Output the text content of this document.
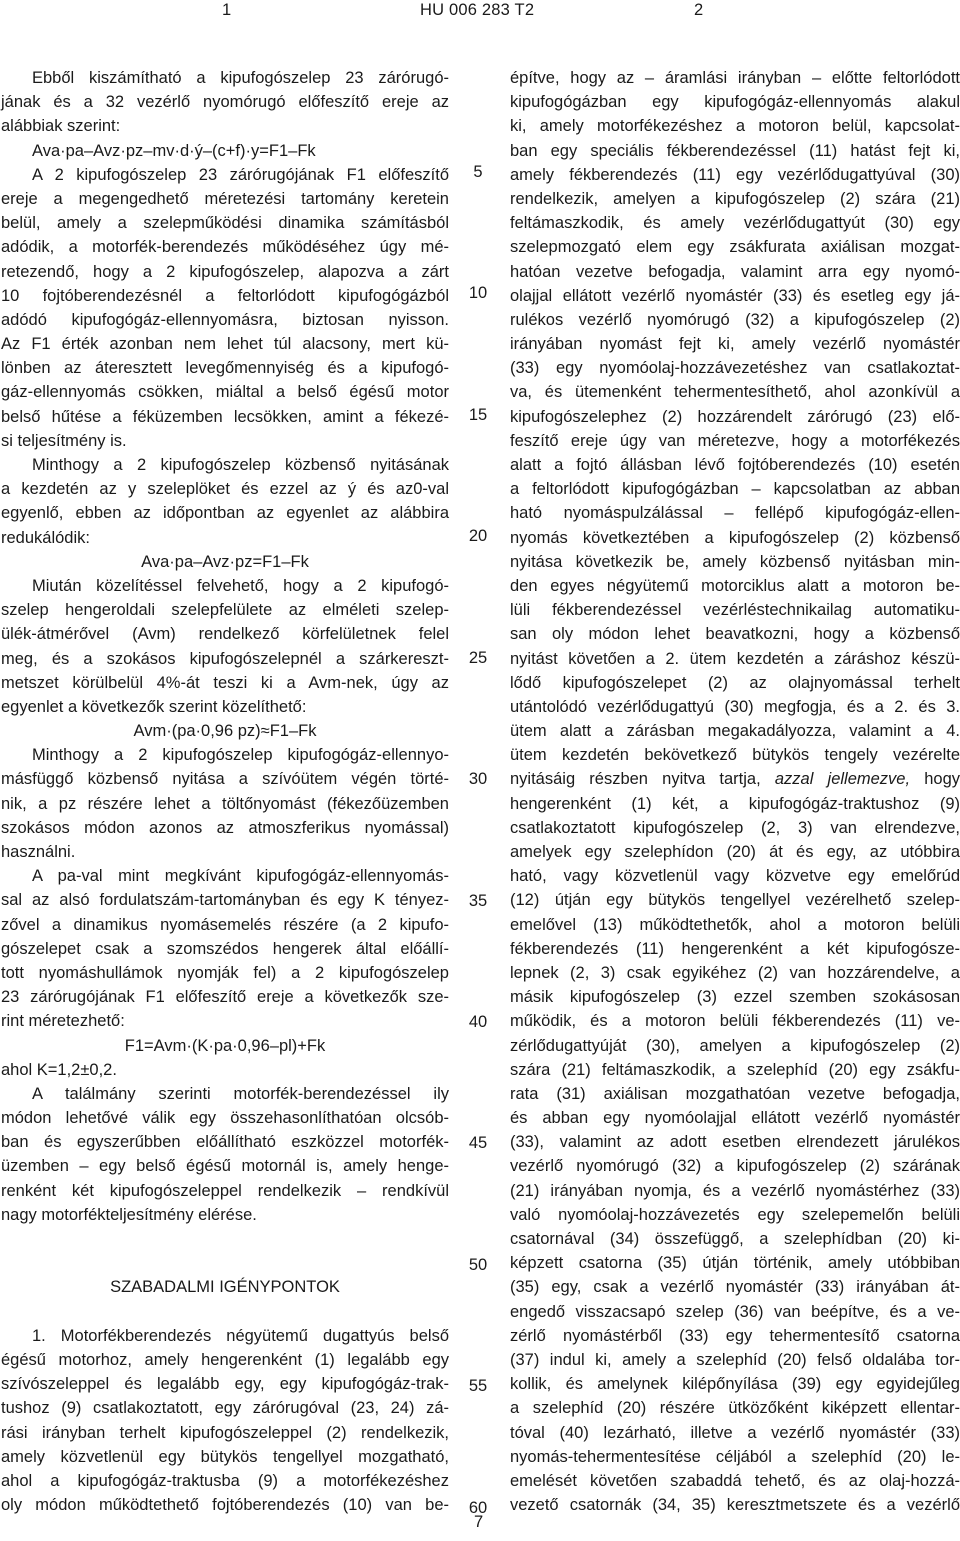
1	HU 006 283 T2	2
Ebből kiszámítható a kipufogószelep 23 zárórugó-
jának és a 32 vezérlő nyomórugó előfeszítő ereje az
alábbiak szerint:
Ava·pa–Avz·pz–mv·d·ý–(c+f)·y=F1–Fk
A 2 kipufogószelep 23 zárórugójának F1 előfeszítő
ereje a megengedhető méretezési tartomány keretein
belül, amely a szelepműködési dinamika számításból
adódik, a motorfék-berendezés működéséhez úgy mé-
retezendő, hogy a 2 kipufogószelep, alapozva a zárt
10 fojtóberendezésnél a feltorlódott kipufogógázból
adódó kipufogógáz-ellennyomásra, biztosan nyisson.
Az F1 érték azonban nem lehet túl alacsony, mert kü-
lönben az áteresztett levegőmennyiség és a kipufogó-
gáz-ellennyomás csökken, miáltal a belső égésű motor
belső hűtése a féküzemben lecsökken, amint a fékezé-
si teljesítmény is.
Minthogy a 2 kipufogószelep közbenső nyitásának
a kezdetén az y szeleplöket és ezzel az ý és az0-val
egyenlő, ebben az időpontban az egyenlet az alábbira
redukálódik:
Ava·pa–Avz·pz=F1–Fk
Miután közelítéssel felvehető, hogy a 2 kipufogó-
szelep hengeroldali szelepfelülete az elméleti szelep-
ülék-átmérővel (Avm) rendelkező körfelületnek felel
meg, és a szokásos kipufogószelepnél a szárkereszt-
metszet körülbelül 4%-át teszi ki a Avm-nek, úgy az
egyenlet a következők szerint közelíthető:
Avm·(pa·0,96 pz)≈F1–Fk
Minthogy a 2 kipufogószelep kipufogógáz-ellennyo-
másfüggő közbenső nyitása a szívóütem végén törté-
nik, a pz részére lehet a töltőnyomást (fékezőüzemben
szokásos módon azonos az atmoszferikus nyomással)
használni.
A pa-val mint megkívánt kipufogógáz-ellennyomás-
sal az alsó fordulatszám-tartományban és egy K tényez-
zővel a dinamikus nyomásemelés részére (a 2 kipufo-
gószelepet csak a szomszédos hengerek által előállí-
tott nyomáshullámok nyomják fel) a 2 kipufogószelep
23 zárórugójának F1 előfeszítő ereje a következők sze-
rint méretezhető:
F1=Avm·(K·pa·0,96–pl)+Fk
ahol K=1,2±0,2.
A találmány szerinti motorfék-berendezéssel ily
módon lehetővé válik egy összehasonlíthatóan olcsób-
ban és egyszerűbben előállítható eszközzel motorfék-
üzemben – egy belső égésű motornál is, amely henge-
renként két kipufogószeleppel rendelkezik – rendkívül
nagy motorfékteljesítmény elérése.
SZABADALMI IGÉNYPONTOK
1. Motorfékberendezés négyütemű dugattyús belső
égésű motorhoz, amely hengerenként (1) legalább egy
szívószeleppel és legalább egy, egy kipufogógáz-trak-
tushoz (9) csatlakoztatott, egy zárórugóval (23, 24) zá-
rási irányban terhelt kipufogószeleppel (2) rendelkezik,
amely közvetlenül egy bütykös tengellyel mozgatható,
ahol a kipufogógáz-traktusba (9) a motorfékezéshez
oly módon működtethető fojtóberendezés (10) van be-
5
10
15
20
25
30
35
40
45
50
55
60
építve, hogy az – áramlási irányban – előtte feltorlódott
kipufogógázban egy kipufogógáz-ellennyomás alakul
ki, amely motorfékezéshez a motoron belül, kapcsolat-
ban egy speciális fékberendezéssel (11) hatást fejt ki,
amely fékberendezés (11) egy vezérlődugattyúval (30)
rendelkezik, amelyen a kipufogószelep (2) szára (21)
feltámaszkodik, és amely vezérlődugattyút (30) egy
szelepmozgató elem egy zsákfurata axiálisan mozgat-
hatóan vezetve befogadja, valamint arra egy nyomó-
olajjal ellátott vezérlő nyomástér (33) és esetleg egy já-
rulékos vezérlő nyomórugó (32) a kipufogószelep (2)
irányában nyomást fejt ki, amely vezérlő nyomástér
(33) egy nyomóolaj-hozzávezetéshez van csatlakoztat-
va, és ütemenként tehermentesíthető, ahol azonkívül a
kipufogószelephez (2) hozzárendelt zárórugó (23) elő-
feszítő ereje úgy van méretezve, hogy a motorfékezés
alatt a fojtó állásban lévő fojtóberendezés (10) esetén
a feltorlódott kipufogógázban – kapcsolatban az abban
ható nyomáspulzálással – fellépő kipufogógáz-ellen-
nyomás következtében a kipufogószelep (2) közbenső
nyitása következik be, amely közbenső nyitásban min-
den egyes négyütemű motorciklus alatt a motoron be-
lüli fékberendezéssel vezérléstechnikailag automatiku-
san oly módon lehet beavatkozni, hogy a közbenső
nyitást követően a 2. ütem kezdetén a záráshoz készü-
lődő kipufogószelepet (2) az olajnyomással terhelt
utántolódó vezérlődugattyú (30) megfogja, és a 2. és 3.
ütem alatt a zárásban megakadályozza, valamint a 4.
ütem kezdetén bekövetkező bütykös tengely vezérelte
nyitásáig részben nyitva tartja, azzal jellemezve, hogy
hengerenként (1) két, a kipufogógáz-traktushoz (9)
csatlakoztatott kipufogószelep (2, 3) van elrendezve,
amelyek egy szelephídon (20) át és egy, az utóbbira
ható, vagy közvetlenül vagy közvetve egy emelőrúd
(12) útján egy bütykös tengellyel vezérelhető szelep-
emelővel (13) működtethetők, ahol a motoron belüli
fékberendezés (11) hengerenként a két kipufogósze-
lepnek (2, 3) csak egyikéhez (2) van hozzárendelve, a
másik kipufogószelep (3) ezzel szemben szokásosan
működik, és a motoron belüli fékberendezés (11) ve-
zérlődugattyúját (30), amelyen a kipufogószelep (2)
szára (21) feltámaszkodik, a szelephíd (20) egy zsákfu-
rata (31) axiálisan mozgathatóan vezetve befogadja,
és abban egy nyomóolajjal ellátott vezérlő nyomástér
(33), valamint az adott esetben elrendezett járulékos
vezérlő nyomórugó (32) a kipufogószelep (2) szárának
(21) irányában nyomja, és a vezérlő nyomástérhez (33)
való nyomóolaj-hozzávezetés egy szelepemelőn belüli
csatornával (34) összefüggő, a szelephídban (20) ki-
képzett csatorna (35) útján történik, amely utóbbiban
(35) egy, csak a vezérlő nyomástér (33) irányában át-
engedő visszacsapó szelep (36) van beépítve, és a ve-
zérlő nyomástérből (33) egy tehermentesítő csatorna
(37) indul ki, amely a szelephíd (20) felső oldalába tor-
kollik, és amelynek kilépőnyílása (39) egy egyidejűleg
a szelephíd (20) részére ütközőként kiképzett ellentar-
tóval (40) lezárható, illetve a vezérlő nyomástér (33)
nyomás-tehermentesítése céljából a szelephíd (20) le-
emelését követően szabaddá tehető, és az olaj-hozzá-
vezető csatornák (34, 35) keresztmetszete és a vezérlő
7
